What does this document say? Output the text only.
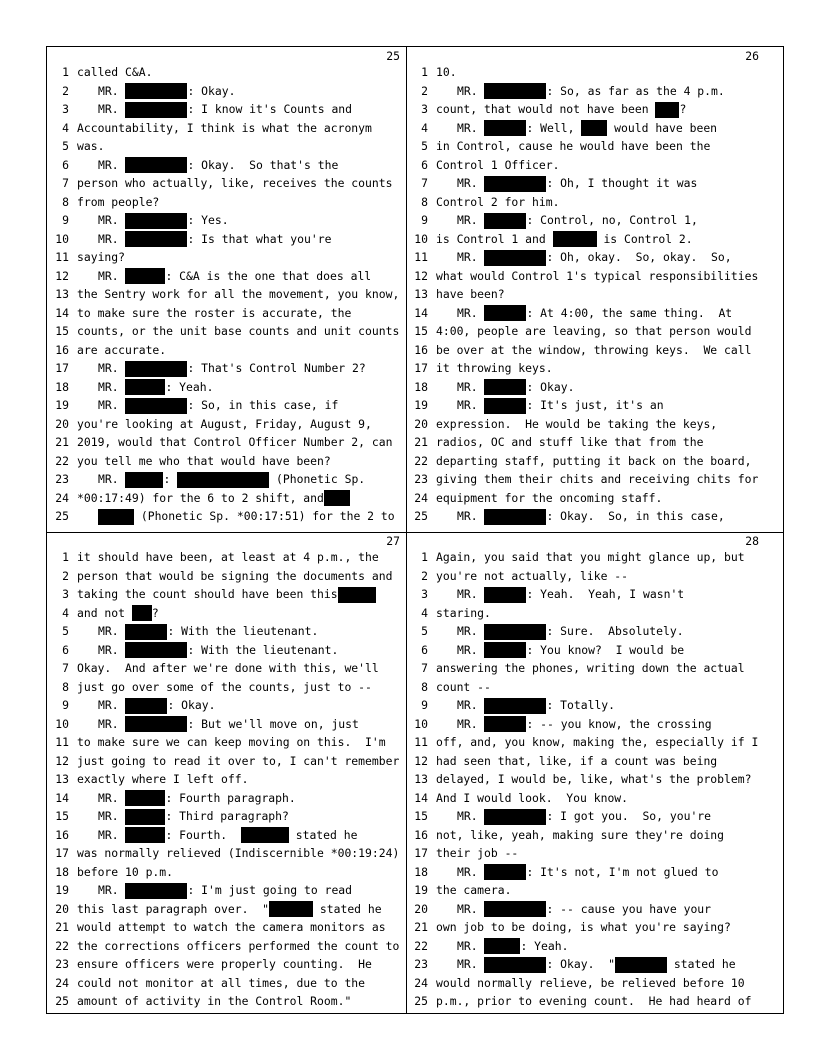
25
1 called C&A.
2	MR.	: Okay.
3	MR.	: I know it's Counts and
4 Accountability, I think is what the acronym
5 was.
6	MR.	: Okay.  So that's the
7 person who actually, like, receives the counts
8 from people?
9	MR.	: Yes.
10	MR.	: Is that what you're
11 saying?
12	MR.	: C&A is the one that does all
13 the Sentry work for all the movement, you know,
14 to make sure the roster is accurate, the
15 counts, or the unit base counts and unit counts
16 are accurate.
17	MR.	: That's Control Number 2?
18	MR.	: Yeah.
19	MR.	: So, in this case, if
20 you're looking at August, Friday, August 9,
21 2019, would that Control Officer Number 2, can
22 you tell me who that would have been?
23	MR.	:	(Phonetic Sp.
24 *00:17:49) for the 6 to 2 shift, and
25	(Phonetic Sp. *00:17:51) for the 2 to
26
1 10.
2	MR.	: So, as far as the 4 p.m.
3 count, that would not have been ?
4	MR.	: Well,  would have been
5 in Control, cause he would have been the
6 Control 1 Officer.
7	MR.	: Oh, I thought it was
8 Control 2 for him.
9	MR.	: Control, no, Control 1,
10 is Control 1 and	is Control 2.
11	MR.	: Oh, okay.  So, okay.  So,
12 what would Control 1's typical responsibilities
13 have been?
14	MR.	: At 4:00, the same thing.  At
15 4:00, people are leaving, so that person would
16 be over at the window, throwing keys.  We call
17 it throwing keys.
18	MR.	: Okay.
19	MR.	: It's just, it's an
20 expression.  He would be taking the keys,
21 radios, OC and stuff like that from the
22 departing staff, putting it back on the board,
23 giving them their chits and receiving chits for
24 equipment for the oncoming staff.
25	MR.	: Okay.  So, in this case,
27
1 it should have been, at least at 4 p.m., the
2 person that would be signing the documents and
3 taking the count should have been this
4 and not ?
5	MR.	: With the lieutenant.
6	MR.	: With the lieutenant.
7 Okay.  And after we're done with this, we'll
8 just go over some of the counts, just to --
9	MR.	: Okay.
10	MR.	: But we'll move on, just
11 to make sure we can keep moving on this.  I'm
12 just going to read it over to, I can't remember
13 exactly where I left off.
14	MR.	: Fourth paragraph.
15	MR.	: Third paragraph?
16	MR.	: Fourth.	stated he
17 was normally relieved (Indiscernible *00:19:24)
18 before 10 p.m.
19	MR.	: I'm just going to read
20 this last paragraph over.  "	stated he
21 would attempt to watch the camera monitors as
22 the corrections officers performed the count to
23 ensure officers were properly counting.  He
24 could not monitor at all times, due to the
25 amount of activity in the Control Room."
28
1 Again, you said that you might glance up, but
2 you're not actually, like --
3	MR.	: Yeah.  Yeah, I wasn't
4 staring.
5	MR.	: Sure.  Absolutely.
6	MR.	: You know?  I would be
7 answering the phones, writing down the actual
8 count --
9	MR.	: Totally.
10	MR.	: -- you know, the crossing
11 off, and, you know, making the, especially if I
12 had seen that, like, if a count was being
13 delayed, I would be, like, what's the problem?
14 And I would look.  You know.
15	MR.	: I got you.  So, you're
16 not, like, yeah, making sure they're doing
17 their job --
18	MR.	: It's not, I'm not glued to
19 the camera.
20	MR.	: -- cause you have your
21 own job to be doing, is what you're saying?
22	MR.	: Yeah.
23	MR.	: Okay.  "	stated he
24 would normally relieve, be relieved before 10
25 p.m., prior to evening count.  He had heard of
